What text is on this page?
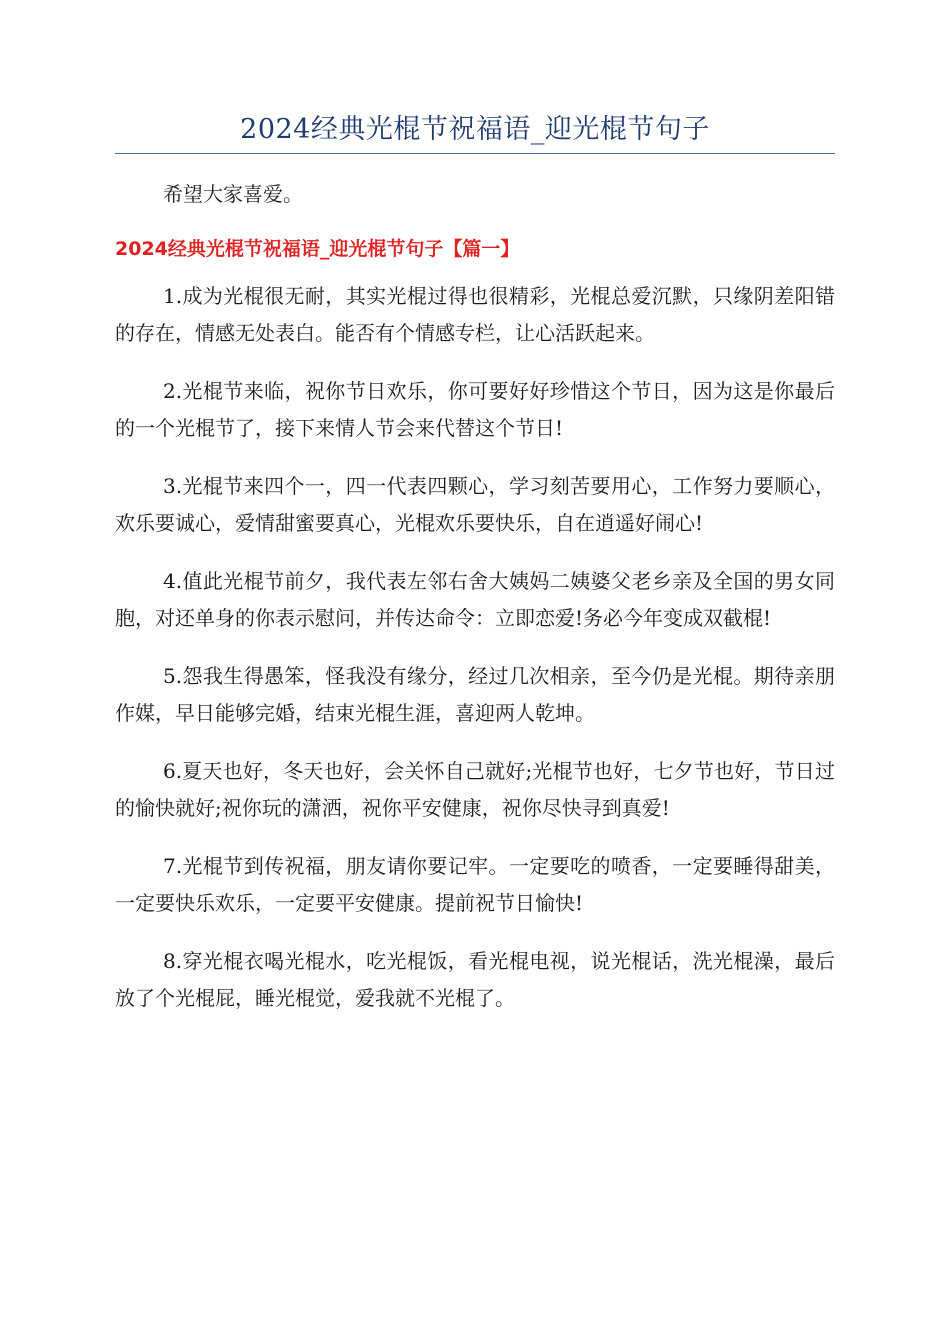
2024经典光棍节祝福语_迎光棍节句子

希望大家喜爱。

2024经典光棍节祝福语_迎光棍节句子【篇一】

1.成为光棍很无耐，其实光棍过得也很精彩，光棍总爱沉默，只缘阴差阳错的存在，情感无处表白。能否有个情感专栏，让心活跃起来。

2.光棍节来临，祝你节日欢乐，你可要好好珍惜这个节日，因为这是你最后的一个光棍节了，接下来情人节会来代替这个节日!

3.光棍节来四个一，四一代表四颗心，学习刻苦要用心，工作努力要顺心，欢乐要诚心，爱情甜蜜要真心，光棍欢乐要快乐，自在逍遥好闹心!

4.值此光棍节前夕，我代表左邻右舍大姨妈二姨婆父老乡亲及全国的男女同胞，对还单身的你表示慰问，并传达命令：立即恋爱!务必今年变成双截棍!

5.怨我生得愚笨，怪我没有缘分，经过几次相亲，至今仍是光棍。期待亲朋作媒，早日能够完婚，结束光棍生涯，喜迎两人乾坤。

6.夏天也好，冬天也好，会关怀自己就好;光棍节也好，七夕节也好，节日过的愉快就好;祝你玩的潇洒，祝你平安健康，祝你尽快寻到真爱!

7.光棍节到传祝福，朋友请你要记牢。一定要吃的喷香，一定要睡得甜美，一定要快乐欢乐，一定要平安健康。提前祝节日愉快!

8.穿光棍衣喝光棍水，吃光棍饭，看光棍电视，说光棍话，洗光棍澡，最后放了个光棍屁，睡光棍觉，爱我就不光棍了。
